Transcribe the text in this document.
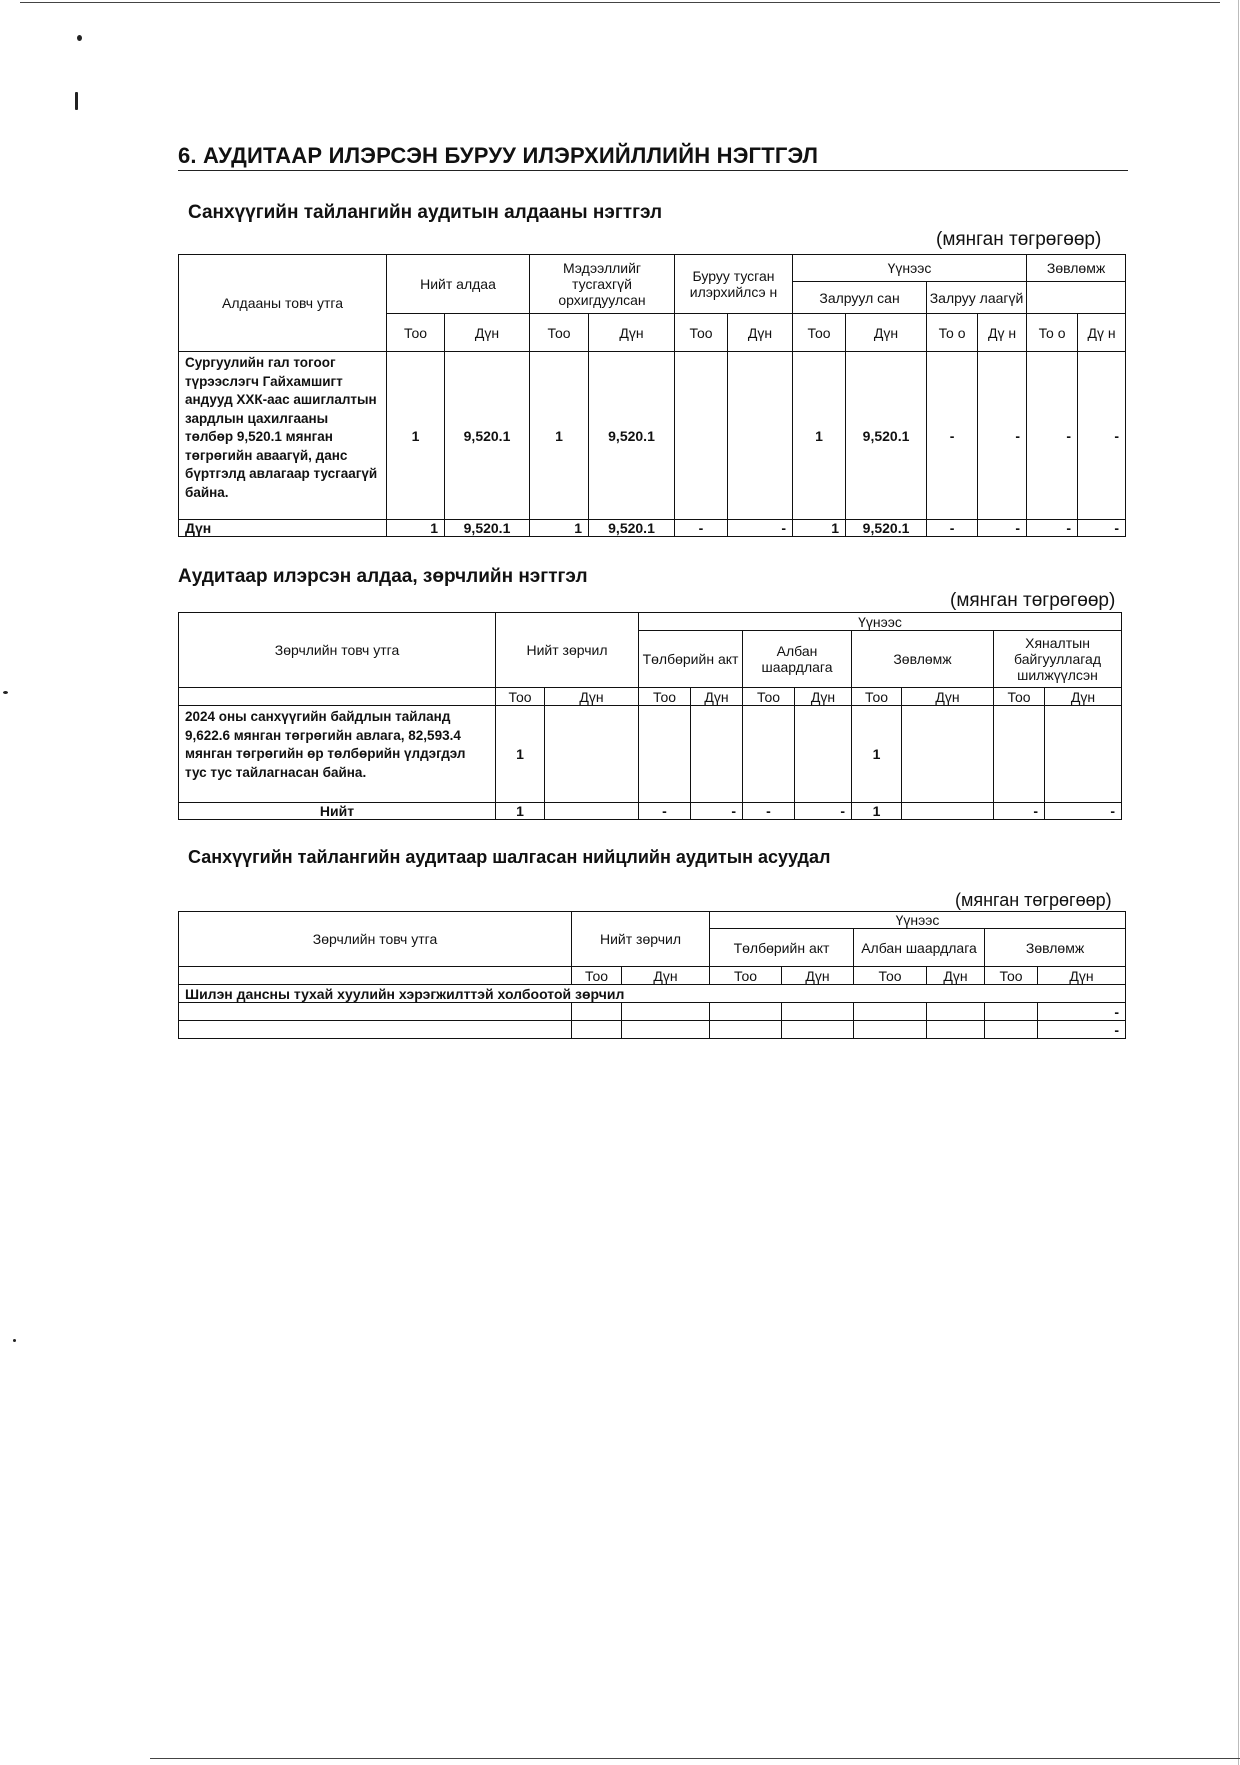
6. АУДИТААР ИЛЭРСЭН БУРУУ ИЛЭРХИЙЛЛИЙН НЭГТГЭЛ
Санхүүгийн тайлангийн аудитын алдааны нэгтгэл
(мянган төгрөгөөр)
Алдааны товч утга	Нийт алдаа		Мэдээллийг тусгахгүй орхигдуулсан		Буруу тусган илэрхийлсэ н		Үүнээс				Зөвлөмж	
							Залруул сан		Залруу лаагүй			
	Тоо	Дүн	Тоо	Дүн	Тоо	Дүн	Тоо	Дүн	То о	Дү н	То о	Дү н
Сургуулийн гал тогоог түрээслэгч Гайхамшигт андууд ХХК-аас ашиглалтын зардлын цахилгааны төлбөр 9,520.1 мянган төгрөгийн аваагүй, данс бүртгэлд авлагаар тусгаагүй байна.	1	9,520.1	1	9,520.1			1	9,520.1	-	-	-	-
Дүн	1	9,520.1	1	9,520.1	-	-	1	9,520.1	-	-	-	-
Аудитаар илэрсэн алдаа, зөрчлийн нэгтгэл
(мянган төгрөгөөр)
Зөрчлийн товч утга	Нийт зөрчил		Үүнээс							
			Төлбөрийн акт		Албан шаардлага		Зөвлөмж		Хяналтын байгууллагад шилжүүлсэн	
	Тоо	Дүн	Тоо	Дүн	Тоо	Дүн	Тоо	Дүн	Тоо	Дүн
2024 оны санхүүгийн байдлын тайланд 9,622.6 мянган төгрөгийн авлага, 82,593.4 мянган төгрөгийн өр төлбөрийн үлдэгдэл тус тус тайлагнасан байна.	1						1			
Нийт	1		-	-	-	-	1		-	-
Санхүүгийн тайлангийн аудитаар шалгасан нийцлийн аудитын асуудал
(мянган төгрөгөөр)
Зөрчлийн товч утга	Нийт зөрчил		Үүнээс					
			Төлбөрийн акт		Албан шаардлага		Зөвлөмж	
	Тоо	Дүн	Тоо	Дүн	Тоо	Дүн	Тоо	Дүн
Шилэн дансны тухай хуулийн хэрэгжилттэй холбоотой зөрчил								
								-
								-
